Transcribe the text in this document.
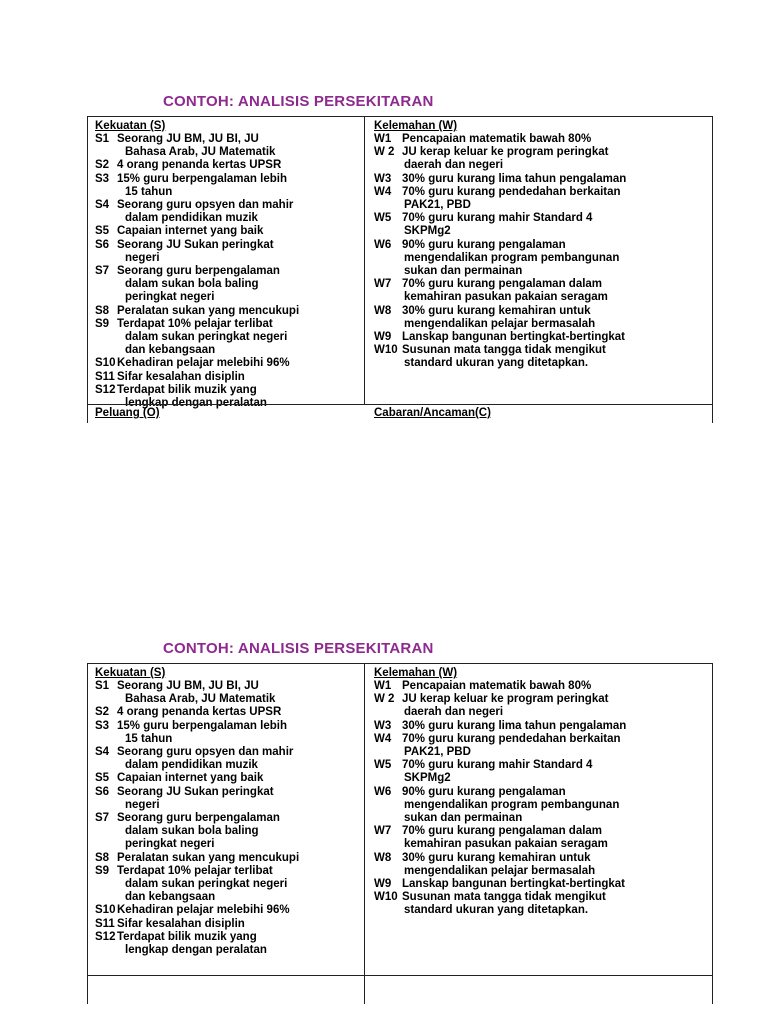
CONTOH: ANALISIS PERSEKITARAN
Kekuatan (S)
S1 Seorang JU BM, JU BI, JU
Bahasa Arab, JU Matematik
S2 4 orang penanda kertas UPSR
S3 15% guru berpengalaman lebih
15 tahun
S4 Seorang guru opsyen dan mahir
dalam pendidikan muzik
S5 Capaian internet yang baik
S6 Seorang JU Sukan peringkat
negeri
S7 Seorang guru berpengalaman
dalam sukan bola baling
peringkat negeri
S8 Peralatan sukan yang mencukupi
S9 Terdapat 10% pelajar terlibat
dalam sukan peringkat negeri
dan kebangsaan
S10 Kehadiran pelajar melebihi 96%
S11 Sifar kesalahan disiplin
S12 Terdapat bilik muzik yang
lengkap dengan peralatan
Kelemahan (W)
W1 Pencapaian matematik bawah 80%
W 2 JU kerap keluar ke program peringkat
daerah dan negeri
W3 30% guru kurang lima tahun pengalaman
W4 70% guru kurang pendedahan berkaitan
PAK21, PBD
W5 70% guru kurang mahir Standard 4
SKPMg2
W6 90% guru kurang pengalaman
mengendalikan program pembangunan
sukan dan permainan
W7 70% guru kurang pengalaman dalam
kemahiran pasukan pakaian seragam
W8 30% guru kurang kemahiran untuk
mengendalikan pelajar bermasalah
W9 Lanskap bangunan bertingkat-bertingkat
W10 Susunan mata tangga tidak mengikut
standard ukuran yang ditetapkan.
Peluang (O)	Cabaran/Ancaman(C)
CONTOH: ANALISIS PERSEKITARAN
Kekuatan (S)
S1 Seorang JU BM, JU BI, JU
Bahasa Arab, JU Matematik
S2 4 orang penanda kertas UPSR
S3 15% guru berpengalaman lebih
15 tahun
S4 Seorang guru opsyen dan mahir
dalam pendidikan muzik
S5 Capaian internet yang baik
S6 Seorang JU Sukan peringkat
negeri
S7 Seorang guru berpengalaman
dalam sukan bola baling
peringkat negeri
S8 Peralatan sukan yang mencukupi
S9 Terdapat 10% pelajar terlibat
dalam sukan peringkat negeri
dan kebangsaan
S10 Kehadiran pelajar melebihi 96%
S11 Sifar kesalahan disiplin
S12 Terdapat bilik muzik yang
lengkap dengan peralatan
Kelemahan (W)
W1 Pencapaian matematik bawah 80%
W 2 JU kerap keluar ke program peringkat
daerah dan negeri
W3 30% guru kurang lima tahun pengalaman
W4 70% guru kurang pendedahan berkaitan
PAK21, PBD
W5 70% guru kurang mahir Standard 4
SKPMg2
W6 90% guru kurang pengalaman
mengendalikan program pembangunan
sukan dan permainan
W7 70% guru kurang pengalaman dalam
kemahiran pasukan pakaian seragam
W8 30% guru kurang kemahiran untuk
mengendalikan pelajar bermasalah
W9 Lanskap bangunan bertingkat-bertingkat
W10 Susunan mata tangga tidak mengikut
standard ukuran yang ditetapkan.
